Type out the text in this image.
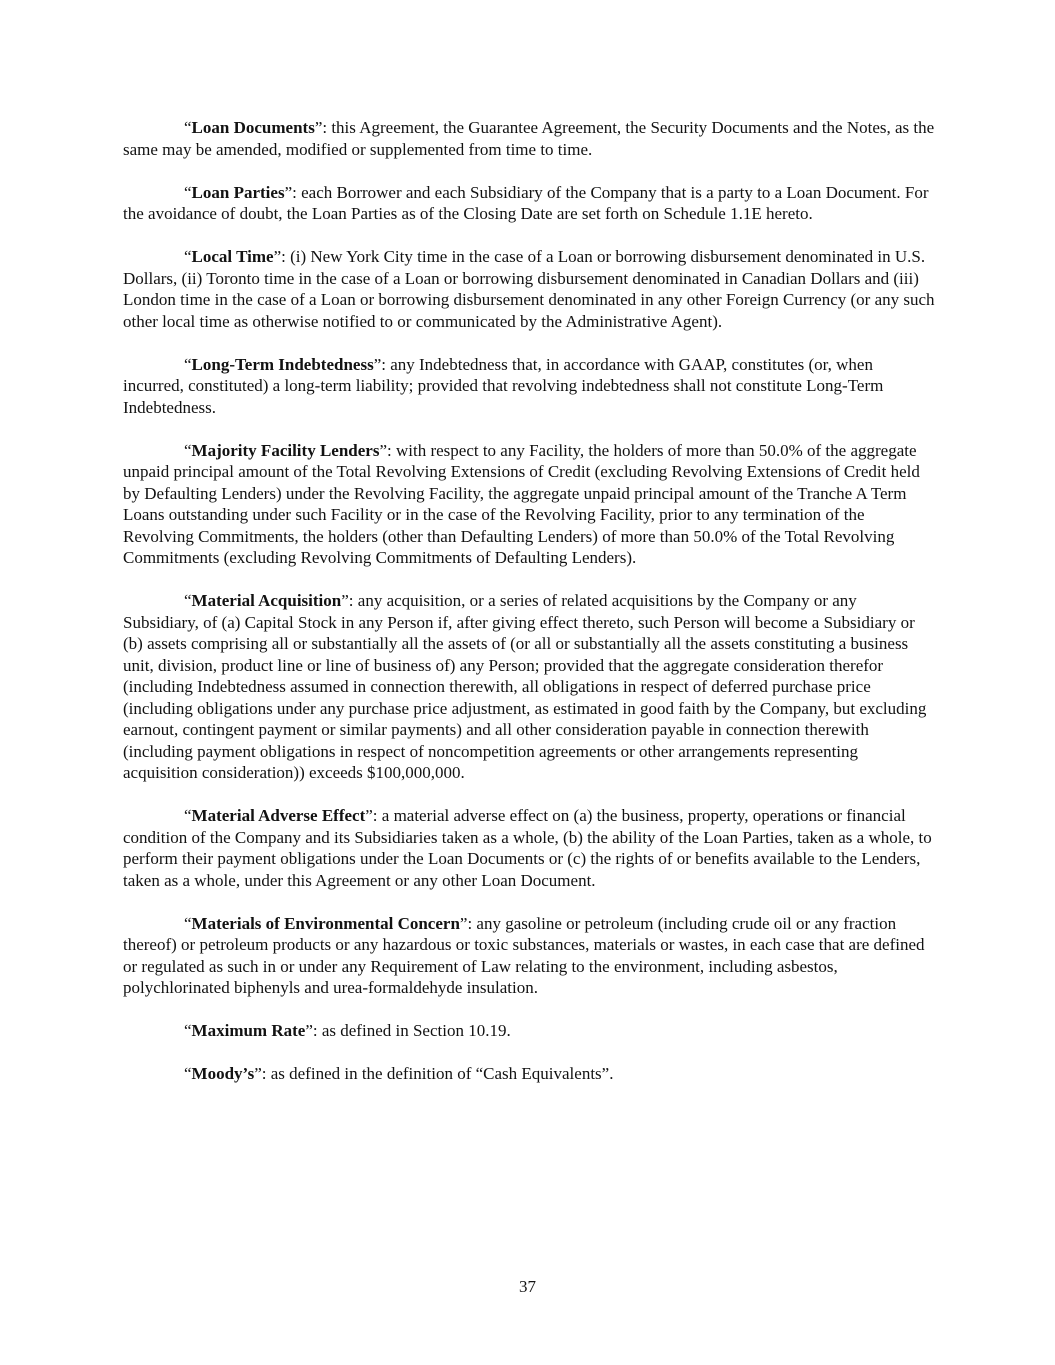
“Loan Documents”: this Agreement, the Guarantee Agreement, the Security Documents and the Notes, as the same may be amended, modified or supplemented from time to time.

“Loan Parties”: each Borrower and each Subsidiary of the Company that is a party to a Loan Document. For the avoidance of doubt, the Loan Parties as of the Closing Date are set forth on Schedule 1.1E hereto.

“Local Time”: (i) New York City time in the case of a Loan or borrowing disbursement denominated in U.S. Dollars, (ii) Toronto time in the case of a Loan or borrowing disbursement denominated in Canadian Dollars and (iii) London time in the case of a Loan or borrowing disbursement denominated in any other Foreign Currency (or any such other local time as otherwise notified to or communicated by the Administrative Agent).

“Long-Term Indebtedness”: any Indebtedness that, in accordance with GAAP, constitutes (or, when incurred, constituted) a long-term liability; provided that revolving indebtedness shall not constitute Long-Term Indebtedness.

“Majority Facility Lenders”: with respect to any Facility, the holders of more than 50.0% of the aggregate unpaid principal amount of the Total Revolving Extensions of Credit (excluding Revolving Extensions of Credit held by Defaulting Lenders) under the Revolving Facility, the aggregate unpaid principal amount of the Tranche A Term Loans outstanding under such Facility or in the case of the Revolving Facility, prior to any termination of the Revolving Commitments, the holders (other than Defaulting Lenders) of more than 50.0% of the Total Revolving Commitments (excluding Revolving Commitments of Defaulting Lenders).

“Material Acquisition”: any acquisition, or a series of related acquisitions by the Company or any Subsidiary, of (a) Capital Stock in any Person if, after giving effect thereto, such Person will become a Subsidiary or (b) assets comprising all or substantially all the assets of (or all or substantially all the assets constituting a business unit, division, product line or line of business of) any Person; provided that the aggregate consideration therefor (including Indebtedness assumed in connection therewith, all obligations in respect of deferred purchase price (including obligations under any purchase price adjustment, as estimated in good faith by the Company, but excluding earnout, contingent payment or similar payments) and all other consideration payable in connection therewith (including payment obligations in respect of noncompetition agreements or other arrangements representing acquisition consideration)) exceeds $100,000,000.

“Material Adverse Effect”: a material adverse effect on (a) the business, property, operations or financial condition of the Company and its Subsidiaries taken as a whole, (b) the ability of the Loan Parties, taken as a whole, to perform their payment obligations under the Loan Documents or (c) the rights of or benefits available to the Lenders, taken as a whole, under this Agreement or any other Loan Document.

“Materials of Environmental Concern”: any gasoline or petroleum (including crude oil or any fraction thereof) or petroleum products or any hazardous or toxic substances, materials or wastes, in each case that are defined or regulated as such in or under any Requirement of Law relating to the environment, including asbestos, polychlorinated biphenyls and urea-formaldehyde insulation.

“Maximum Rate”: as defined in Section 10.19.

“Moody’s”: as defined in the definition of “Cash Equivalents”.

37
